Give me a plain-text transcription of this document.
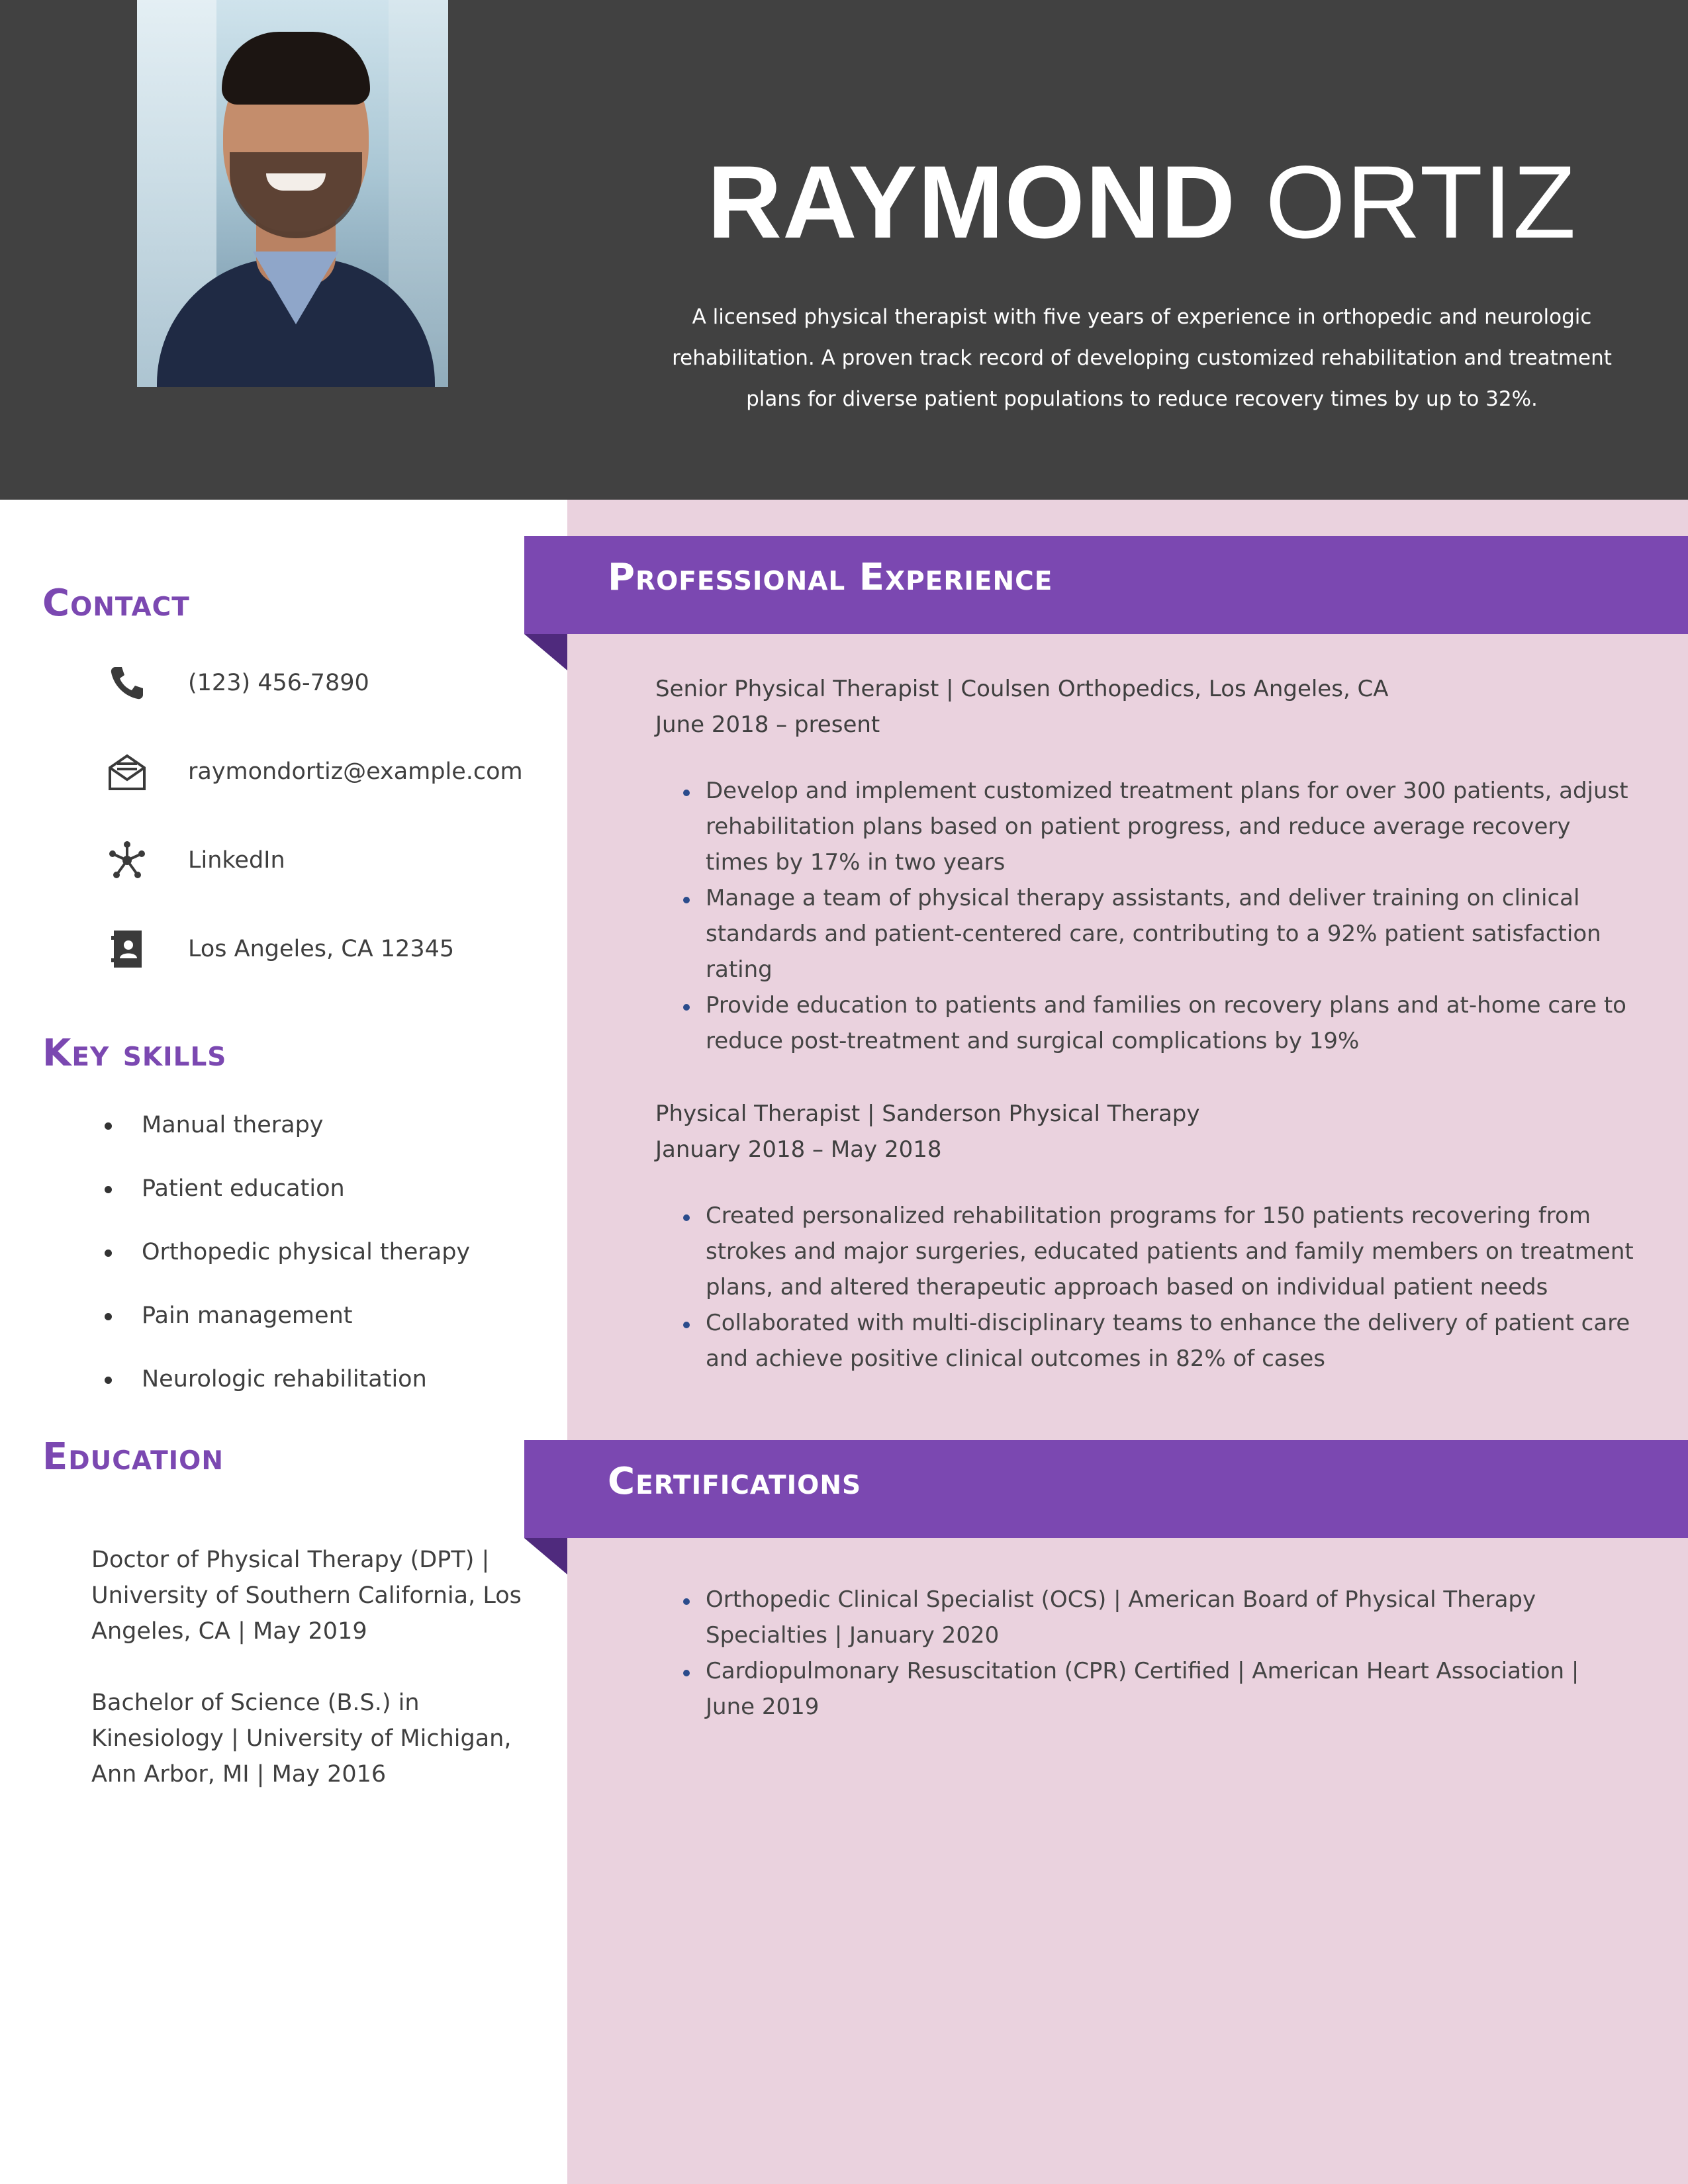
RAYMOND ORTIZ
A licensed physical therapist with five years of experience in orthopedic and neurologic rehabilitation. A proven track record of developing customized rehabilitation and treatment plans for diverse patient populations to reduce recovery times by up to 32%.
Professional Experience
Senior Physical Therapist | Coulsen Orthopedics, Los Angeles, CA
June 2018 – present
Develop and implement customized treatment plans for over 300 patients, adjust rehabilitation plans based on patient progress, and reduce average recovery times by 17% in two years
Manage a team of physical therapy assistants, and deliver training on clinical standards and patient-centered care, contributing to a 92% patient satisfaction rating
Provide education to patients and families on recovery plans and at-home care to reduce post-treatment and surgical complications by 19%
Physical Therapist | Sanderson Physical Therapy
January 2018 – May 2018
Created personalized rehabilitation programs for 150 patients recovering from strokes and major surgeries, educated patients and family members on treatment plans, and altered therapeutic approach based on individual patient needs
Collaborated with multi-disciplinary teams to enhance the delivery of patient care and achieve positive clinical outcomes in 82% of cases
Certifications
Orthopedic Clinical Specialist (OCS) | American Board of Physical Therapy Specialties | January 2020
Cardiopulmonary Resuscitation (CPR) Certified | American Heart Association | June 2019
Contact
(123) 456-7890
raymondortiz@example.com
LinkedIn
Los Angeles, CA 12345
Key skills
Manual therapy
Patient education
Orthopedic physical therapy
Pain management
Neurologic rehabilitation
Education
Doctor of Physical Therapy (DPT) | University of Southern California, Los Angeles, CA | May 2019
Bachelor of Science (B.S.) in Kinesiology | University of Michigan, Ann Arbor, MI | May 2016
